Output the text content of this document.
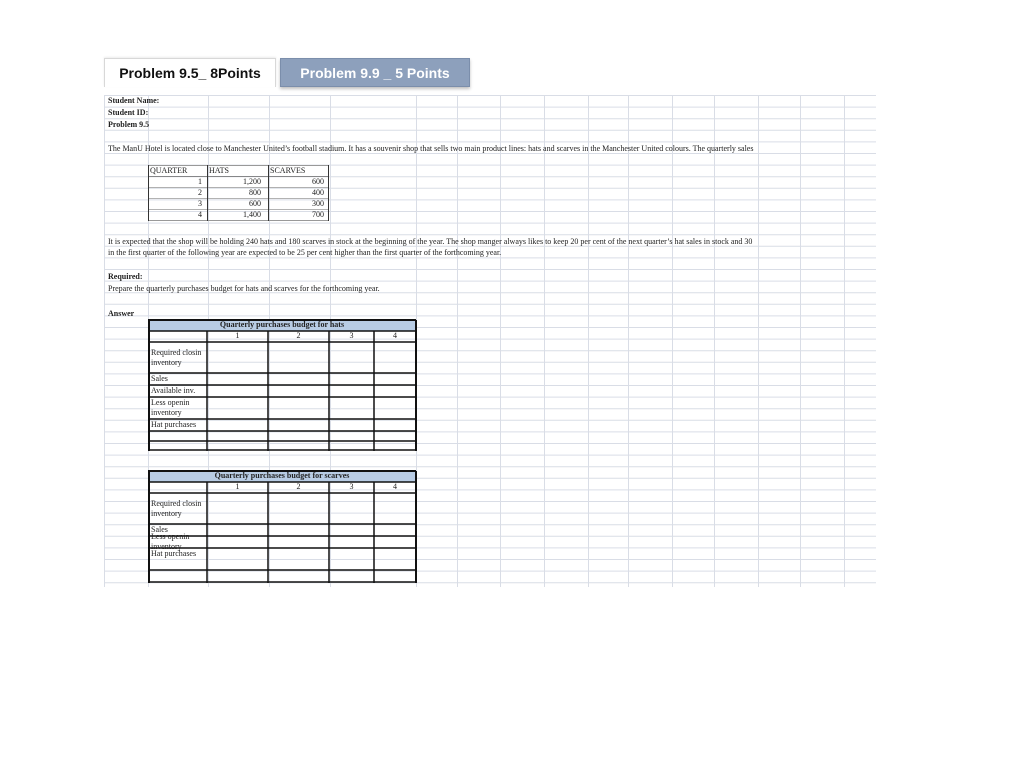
Problem 9.5_ 8Points	Problem 9.9 _ 5 Points
Student Name:
Student ID:
Problem 9.5
The ManU Hotel is located close to Manchester United’s football stadium. It has a souvenir shop that sells two main product lines: hats and scarves in the Manchester United colours. The quarterly sales
QUARTER	HATS	SCARVES
1	1,200	600
2	800	400
3	600	300
4	1,400	700
It is expected that the shop will be holding 240 hats and 180 scarves in stock at the beginning of the year. The shop manger always likes to keep 20 per cent of the next quarter’s hat sales in stock and 30
in the first quarter of the following year are expected to be 25 per cent higher than the first quarter of the forthcoming year.
Required:
Prepare the quarterly purchases budget for hats and scarves for the forthcoming year.
Answer
Quarterly purchases budget for hats
1	2	3	4
Required closin
inventory
Sales
Available inv.
Less openin
inventory
Hat purchases
Quarterly purchases budget for scarves
1	2	3	4
Required closin
inventory
Sales
Less openin
inventory
Hat purchases
